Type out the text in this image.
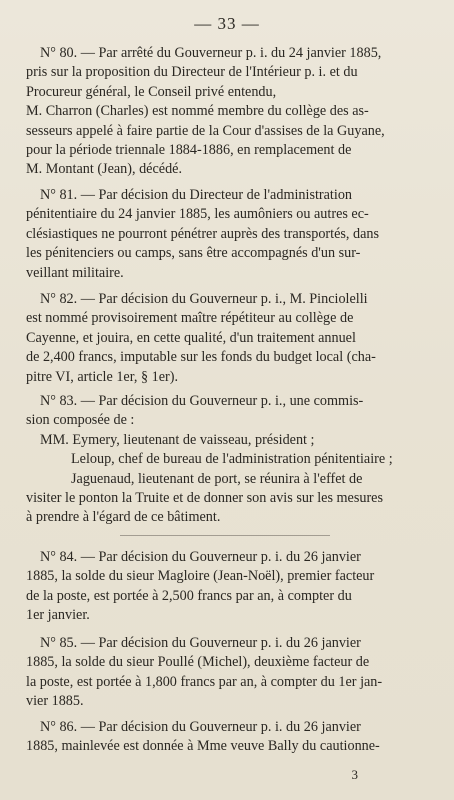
— 33 —
N° 80. — Par arrêté du Gouverneur p. i. du 24 janvier 1885,
pris sur la proposition du Directeur de l'Intérieur p. i. et du
Procureur général, le Conseil privé entendu,
M. Charron (Charles) est nommé membre du collège des as-
sesseurs appelé à faire partie de la Cour d'assises de la Guyane,
pour la période triennale 1884-1886, en remplacement de
M. Montant (Jean), décédé.
N° 81. — Par décision du Directeur de l'administration
pénitentiaire du 24 janvier 1885, les aumôniers ou autres ec-
clésiastiques ne pourront pénétrer auprès des transportés, dans
les pénitenciers ou camps, sans être accompagnés d'un sur-
veillant militaire.
N° 82. — Par décision du Gouverneur p. i., M. Pinciolelli
est nommé provisoirement maître répétiteur au collège de
Cayenne, et jouira, en cette qualité, d'un traitement annuel
de 2,400 francs, imputable sur les fonds du budget local (cha-
pitre VI, article 1er, § 1er).
N° 83. — Par décision du Gouverneur p. i., une commis-
sion composée de :
MM. Eymery, lieutenant de vaisseau, président ;
Leloup, chef de bureau de l'administration pénitentiaire ;
Jaguenaud, lieutenant de port, se réunira à l'effet de
visiter le ponton la Truite et de donner son avis sur les mesures
à prendre à l'égard de ce bâtiment.
N° 84. — Par décision du Gouverneur p. i. du 26 janvier
1885, la solde du sieur Magloire (Jean-Noël), premier facteur
de la poste, est portée à 2,500 francs par an, à compter du
1er janvier.
N° 85. — Par décision du Gouverneur p. i. du 26 janvier
1885, la solde du sieur Poullé (Michel), deuxième facteur de
la poste, est portée à 1,800 francs par an, à compter du 1er jan-
vier 1885.
N° 86. — Par décision du Gouverneur p. i. du 26 janvier
1885, mainlevée est donnée à Mme veuve Bally du cautionne-
3
